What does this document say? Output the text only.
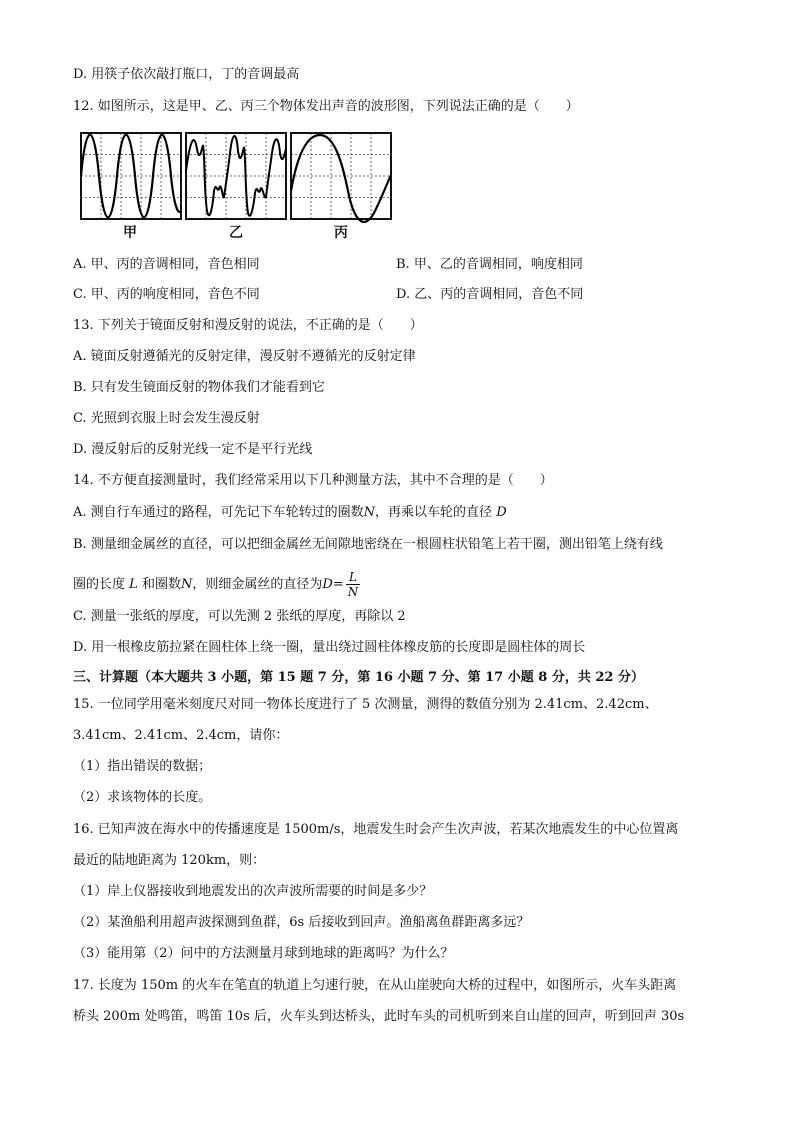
D. 用筷子依次敲打瓶口，丁的音调最高
12. 如图所示，这是甲、乙、丙三个物体发出声音的波形图，下列说法正确的是（　　）
甲	乙	丙
A. 甲、丙的音调相同，音色相同	B. 甲、乙的音调相同，响度相同
C. 甲、丙的响度相同，音色不同	D. 乙、丙的音调相同，音色不同
13. 下列关于镜面反射和漫反射的说法，不正确的是（　　）
A. 镜面反射遵循光的反射定律，漫反射不遵循光的反射定律
B. 只有发生镜面反射的物体我们才能看到它
C. 光照到衣服上时会发生漫反射
D. 漫反射后的反射光线一定不是平行光线
14. 不方便直接测量时，我们经常采用以下几种测量方法，其中不合理的是（　　）
A. 测自行车通过的路程，可先记下车轮转过的圈数N，再乘以车轮的直径 D
B. 测量细金属丝的直径，可以把细金属丝无间隙地密绕在一根圆柱状铅笔上若干圈，测出铅笔上绕有线
圈的长度 L 和圈数N，则细金属丝的直径为$D= \frac{L}{N}$
C. 测量一张纸的厚度，可以先测 2 张纸的厚度，再除以 2
D. 用一根橡皮筋拉紧在圆柱体上绕一圈，量出绕过圆柱体橡皮筋的长度即是圆柱体的周长
三、计算题（本大题共 3 小题，第 15 题 7 分，第 16 小题 7 分、第 17 小题 8 分，共 22 分）
15. 一位同学用毫米刻度尺对同一物体长度进行了 5 次测量，测得的数值分别为 2.41cm、2.42cm、
3.41cm、2.41cm、2.4cm，请你：
（1）指出错误的数据；
（2）求该物体的长度。
16. 已知声波在海水中的传播速度是 1500m/s，地震发生时会产生次声波，若某次地震发生的中心位置离
最近的陆地距离为 120km，则：
（1）岸上仪器接收到地震发出的次声波所需要的时间是多少？
（2）某渔船利用超声波探测到鱼群，6s 后接收到回声。渔船离鱼群距离多远？
（3）能用第（2）问中的方法测量月球到地球的距离吗？为什么？
17. 长度为 150m 的火车在笔直的轨道上匀速行驶，在从山崖驶向大桥的过程中，如图所示，火车头距离
桥头 200m 处鸣笛，鸣笛 10s 后，火车头到达桥头，此时车头的司机听到来自山崖的回声，听到回声 30s
